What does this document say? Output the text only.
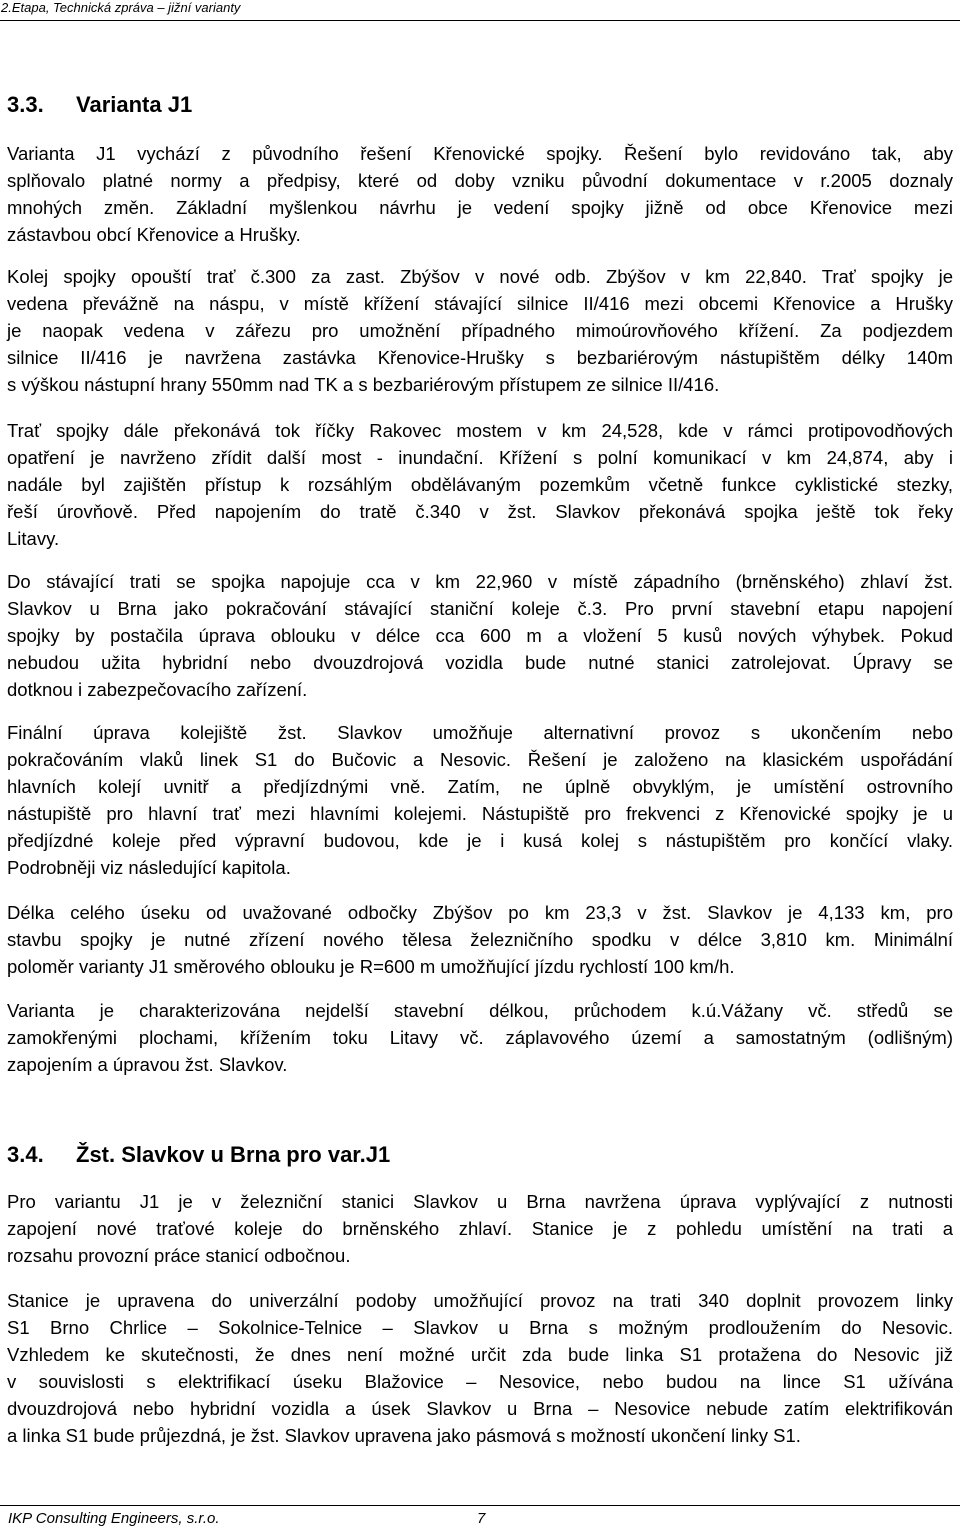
2.Etapa, Technická zpráva – jižní varianty
3.3. Varianta J1
Varianta J1 vychází z původního řešení Křenovické spojky. Řešení bylo revidováno tak, aby
splňovalo platné normy a předpisy, které od doby vzniku původní dokumentace v r.2005 doznaly
mnohých změn. Základní myšlenkou návrhu je vedení spojky jižně od obce Křenovice mezi
zástavbou obcí Křenovice a Hrušky.
Kolej spojky opouští trať č.300 za zast. Zbýšov v nové odb. Zbýšov v km 22,840. Trať spojky je
vedena převážně na náspu, v místě křížení stávající silnice II/416 mezi obcemi Křenovice a Hrušky
je naopak vedena v zářezu pro umožnění případného mimoúrovňového křížení. Za podjezdem
silnice II/416 je navržena zastávka Křenovice-Hrušky s bezbariérovým nástupištěm délky 140m
s výškou nástupní hrany 550mm nad TK a s bezbariérovým přístupem ze silnice II/416.
Trať spojky dále překonává tok říčky Rakovec mostem v km 24,528, kde v rámci protipovodňových
opatření je navrženo zřídit další most - inundační. Křížení s polní komunikací v km 24,874, aby i
nadále byl zajištěn přístup k rozsáhlým obdělávaným pozemkům včetně funkce cyklistické stezky,
řeší úrovňově. Před napojením do tratě č.340 v žst. Slavkov překonává spojka ještě tok řeky
Litavy.
Do stávající trati se spojka napojuje cca v km 22,960 v místě západního (brněnského) zhlaví žst.
Slavkov u Brna jako pokračování stávající staniční koleje č.3. Pro první stavební etapu napojení
spojky by postačila úprava oblouku v délce cca 600 m a vložení 5 kusů nových výhybek. Pokud
nebudou užita hybridní nebo dvouzdrojová vozidla bude nutné stanici zatrolejovat. Úpravy se
dotknou i zabezpečovacího zařízení.
Finální úprava kolejiště žst. Slavkov umožňuje alternativní provoz s ukončením nebo
pokračováním vlaků linek S1 do Bučovic a Nesovic. Řešení je založeno na klasickém uspořádání
hlavních kolejí uvnitř a předjízdnými vně. Zatím, ne úplně obvyklým, je umístění ostrovního
nástupiště pro hlavní trať mezi hlavními kolejemi. Nástupiště pro frekvenci z Křenovické spojky je u
předjízdné koleje před výpravní budovou, kde je i kusá kolej s nástupištěm pro končící vlaky.
Podrobněji viz následující kapitola.
Délka celého úseku od uvažované odbočky Zbýšov po km 23,3 v žst. Slavkov je 4,133 km, pro
stavbu spojky je nutné zřízení nového tělesa železničního spodku v délce 3,810 km. Minimální
poloměr varianty J1 směrového oblouku je R=600 m umožňující jízdu rychlostí 100 km/h.
Varianta je charakterizována nejdelší stavební délkou, průchodem k.ú.Vážany vč. středů se
zamokřenými plochami, křížením toku Litavy vč. záplavového území a samostatným (odlišným)
zapojením a úpravou žst. Slavkov.
3.4. Žst. Slavkov u Brna pro var.J1
Pro variantu J1 je v železniční stanici Slavkov u Brna navržena úprava vyplývající z nutnosti
zapojení nové traťové koleje do brněnského zhlaví. Stanice je z pohledu umístění na trati a
rozsahu provozní práce stanicí odbočnou.
Stanice je upravena do univerzální podoby umožňující provoz na trati 340 doplnit provozem linky
S1 Brno Chrlice – Sokolnice-Telnice – Slavkov u Brna s možným prodloužením do Nesovic.
Vzhledem ke skutečnosti, že dnes není možné určit zda bude linka S1 protažena do Nesovic již
v souvislosti s elektrifikací úseku Blažovice – Nesovice, nebo budou na lince S1 užívána
dvouzdrojová nebo hybridní vozidla a úsek Slavkov u Brna – Nesovice nebude zatím elektrifikován
a linka S1 bude průjezdná, je žst. Slavkov upravena jako pásmová s možností ukončení linky S1.
IKP Consulting Engineers, s.r.o.	7
